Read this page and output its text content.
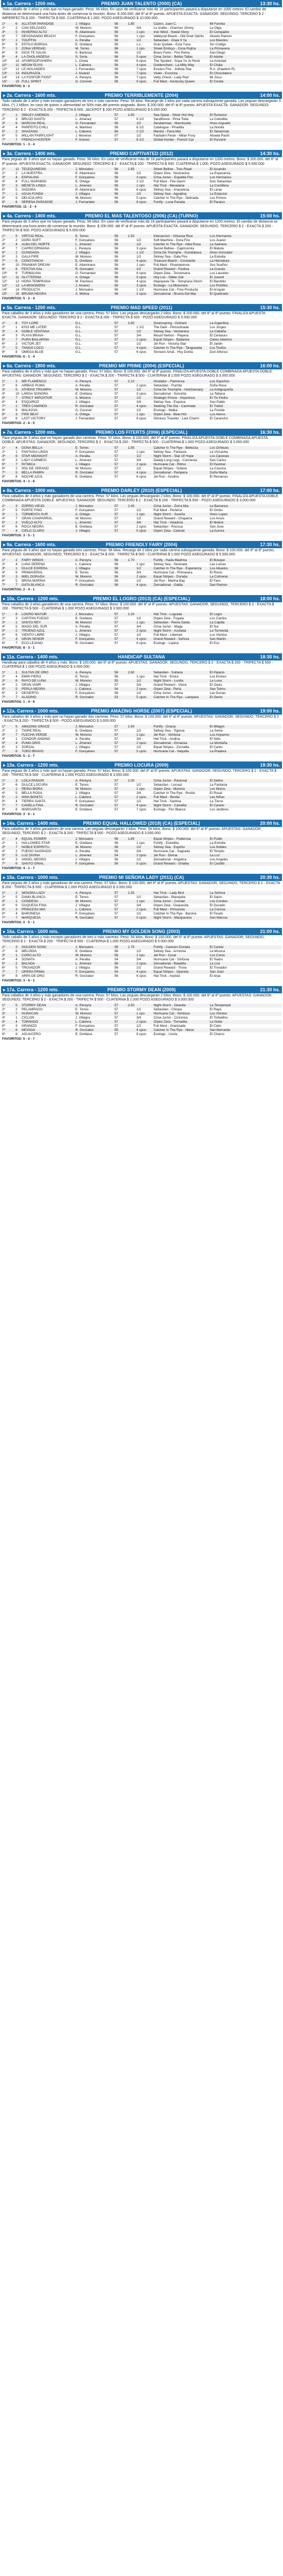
▸ 1a. Carrera - 1200 mts.	PREMIO JUAN TALENTO (2000) (CA)	13:30 hs.
Todo caballo de 3 años y más que no haya ganado. Peso: 56 kilos. En caso de verificarse más de 16 participantes pasará a disputarse en 1000 metros. El cambio de distancia se determinará una hora antes de comenzar la reunión. Bono: $ 200.000. del 6º al 8º puesto. APUESTA EXACTA. GANADOR: SEGUNDO. TERCERO $ 2 - IMPERFECTA $ 200 - TRIFECTA $ 500. CUATERNA $ 1.000. POZO ASEGURADO $ 10.000.000
1º	6	ALLSTAR PARADISE	J. Villagra	56	1.85		Castro, Juan C.	Mi Familia
2º	2	CAN DELGADO	W. Moreno	56		3/4	Lo Izulbo - Charmer Jimmy	La Olga
3º	5	INVIERNO ALTO	R. Altamirano	56		1 cpo	Iron Wind - Sweet Story	El Compadre
4º	7	DEVONANDO BEACH	F. Gonçalves	56		1 cpo	Valleycat Beach - Old Drab Spirits	Abuelo Ramon
5º	1	TOUFFIN	A. Peralta	56		1/2	Sebastian - Draw It Ya	Los Mandos
6º	9	ESTILO BORGIA	E. Orellana	56		s.c.	Gran Quilate - Esta Tuna	Sin Codigo
7º	3	ZONA VERDAD	M. Torres	56		1 cpo	Street Embryo - Zona Rojiza	La Primavera
8º	8	DIOS TE SALVA	K. Barbosa	56		1/2	Bravo Fenix - Fire Reina	San Diego
9º	4	LA CHOLANDESA	S. Soria	56		5 cpos	Cima Jurisn - Bellas Tallas	El Adobe
10º	10	AFABRSOFIAHERA	L. Ozeta	56		6 cpos	The Spoiled - Sopa Ya Jo Resti	La Amistad
11º	11	MEOW ELVIS	L. Cabrera	56		4 cpos	Goldenchaot - La Milly Way	El Chala
12º	12	LE HOLANDÉS	J. Fernandez	56		7 cpos	Exodus Fire - Jullista Star	R.A. (Kiaetem R)
13º	13	INDURAZOL	J. Alvarez	56		7 cpos	Violet - Escorzia	El Chocolatero
14º	14	LA FOSFOR FIONT	A. Pereyra	56		7 cpos	Vetty Check - Lady Red	Mi Jisus
15º	15	FULL SPIRIT	G. Coronel	56		9 cpos	Full Mast - Kentucky Queen	El Conde
FAVORITOS: 6 - 2
▸ 2a. Carrera - 1600 mts.	PREMIO TERRIBLEMENTE (2004)	14:00 hs.
Todo caballo de 3 años y más excepto ganadores de tres o más carreras. Peso: 56 kilos. Recargo de 2 kilos por cada carrera subsiguiente ganada. Las yeguas descargarán 3 kilos. (*) 1 Milion, en caso de quinto o ulterioridad se 50% más del premio asignado. Bono: $ 200.000. del 6º al 8º puesto. APUESTA EXACTA. GANADOR: SEGUNDO: TERCERO $ 2 - EXACTA $ 200 - TRIFECTA $ 500. JACKPOT $ 200 POZO ASEGURADO $ 5.000.000
1º	1	SMILEY ANEMOS	J. Villagra	57	1.90		Sea Spear - Silver Hot Hey	El Ruisenor
2º	3	BRUJO SANTO	L. Jimenez	57		6 1/2	Sandforest - Pinta Toda	La Cebollita
3º	6	MARCHA REAL	G. Fernandez	56		1/2	Sendairman - Marchosita	Hnos Arguello
4º	4	PARFEITO CHILL	A. Martinez	56		6 1/2	Catalogue - Pinadita	La Nonita
5º	2	SHAZANG	L. Cabrera	56		2 1/2	Mantra - Fiera Mel	El Tamarindo
6º	5	MILLAN FAIRFLIGHT	J. Morenor	57		1/2	Fairbairn Fever - Milan Foxy	Abuela Pachi
7º	7	FRENCH HUNTER	F. Gomez	57		8 1/2	Global Hunter - French Car	El Porvenir
FAVORITOS: 1 - 3 - 4
▸ 3a. Carrera - 1400 mts.	PREMIO CAPTIVATED (2012)	14:30 hs.
Para yeguas de 3 años que no hayan ganado. Peso: 56 kilos. En caso de verificarse más de 16 participantes pasará a disputarse en 1200 metros. Bono: $ 200.000. del 6º al 8º puesto. APUESTA EXACTA. GANADOR: SEGUNDO: TERCERO $ 2 - EXACTA $ 200 - TRIFECTA $ 500. CUATERNA $ 1.000. POZO ASEGURADO $ 5.000.000
1º	11	TELEQUINESIS	J. Monsalvo	56	1.65		Street Bellow - Tres Road	El Acuerdo
2º	2	LA NUESTRA	E. Altamirano	56		1/2	Orpen Zeta - Nostracina	La Esperanza
3º	4	ESPIALINA	F. Gonçalves	56		3 cpos	Cima Jurisn - Espalda Fire	Los Hermanos
4º	8	FULL WARNING	E. Ortega	56		2 1/2	Full Mast - Fire Alarm	Don Sebastian
5º	3	MESETA LINDA	L. Jimenez	56		1 cpo	Hat Trick - Mesetaria	La Cordillera
6º	5	SADORA	R. Altamirano	56		6 cpos	Sidney Sea - Anacelena	El Lanar
7º	1	AGUA FUNDA	J. Villagra	56		1/2	Sidney Sea - Aguatina	La Estacion
8º	9	DELICIA ARO	W. Moreno	56		5 cpos	Catcher In The Rye - Delicada	Los Primos
9º	6	SERENA PARADISE	J. Fernandez	56		8 cpos	Fortify - Luna Parada	El Paraiso
FAVORITOS: 11 - 2 - 4
▸ 4a. Carrera - 1400 mts.	PREMIO EL MAS TALENTOSO (2006) (CA) (TURNO)	15:00 hs.
Para yeguas de 3 años que no hayan ganado. Peso: 56 kilos. En caso de verificarse más de 16 participantes pasará a disputarse en 1200 metros. El cambio de distancia se determinará una hora antes de comenzar la reunión. Bono: $ 200.000. del 6º al 8º puesto. APUESTA EXACTA. GANADOR: SEGUNDO. TERCERO $ 2 - EXACTA $ 200 - TRIFECTA $ 500. POZO ASEGURADO $ 5.000.000
1º	5	VIRTUD REAL	E. Torres	56	1.50		Interaccion - Virtuosa Rica	Los Hermanos
2º	2	DORA SOFT	F. Gonçalves	56		1/2	Soft Machine - Dora Fire	Los Juarez
3º	4	ALBA DEL NORTE	L. Jimenez	56		1/2	Catcher In The Rye - Alba Rosa	La Salinera
4º	7	CAPRICORNIANA	L. Pereyra	56		3 cpos	Secret Bellow - Capricornia	El Matute
5º	1	GUINDADA	J. Villagra	56		1 1/2	Cima De Triomphe - Guindalosa	Hnos Gonzalez
6º	3	GALA FIRE	W. Moreno	56		1/2	Sidney Sea - Gala Fire	La Estrella
7º	6	CONSTANCIA	E. Orellana	56		4 cpos	Treasure Beach - Constante	La Herradura
8º	10	PINAMAR DREAM	E. Altamirano	56		1 cpo	Full Mast - Pinamarense	Sus Sueños
9º	8	FESTIVA GAL	R. Gonzalez	56		1/2	Grand Reward - Festiva	La Cuesta
10º	9	TURMALINA	G. Fernandez	56		8 cpos	Orpen Zeta - Ternemana	Los Laureles
11º	11	GLITTERINA	A. Ortega	56		5 cpos	Hoy Lisi - Glitter Gal	El Juvenil
12º	12	HORA TEMPRANA	M. Pacheco	56		4 cpos	Hapoyavie Tie - Temprana Storm	El Bandido
13º	13	LA MISIONERA	J. Alvarez	56		3 cpos	Ecologo - La Misionera	Los Potrillos
14º	14	PRODUCTA	J. Monsalvo	56		1 1/2	Hurricane Cat - Fine Producta	El Arrayan
15º	15	BRUMA NEGRA	A. Molina	56		2 cpos	Zensational - Bruma Del Mar	El Quebrado
FAVORITOS: 5 - 2 - 4
▸ 5a. Carrera - 1200 mts.	PREMIO MAD SPEED (2011)	15:30 hs.
Para caballos de 3 años y más ganadores de una carrera. Peso: 57 kilos. Las yeguas descargarán 2 kilos. Bono: $ 200.000. del 6º al 8º puesto. FINALIZA APUESTA EXACTA. GANADOR: SEGUNDO: TERCERO $ 2 - EXACTA $ 200 - TRIFECTA $ 500 - POZO ASEGURADO $ 5.000.000
1º	6	TOY LORE	G.L.	57	1.80		Greenspring - Gotham	La Argentina
2º	1	KISS ME LATER	G.L.	57		1 1/2	The Dark - Perinclinada	Los Jorges
3º	4	DOBLE VENTANA	G.L.	57		1/2	Sidney Sea - Ventanera	La Cabaña
4º	3	PLAYA BRAVA	G.L.	57		3/4	Mount Nelson - Playera	El Centauro
5º	7	PURA BAILARINA	G.L.	57		2 cpos	Equal Stripes - Bailarina	Cielos Abiertos
6º	2	VICTOR JET	G.L.	57		1/2	Jet Run - Victoria Star	El Jardin
7º	5	TANGO LOCO	G.L.	57		4 cpos	Catcher In The Rye - Tangueada	Los Tordos
8º	8	OMEGA BLUE	G.L.	57		6 cpos	Sinneon Amal - Hoy Dorita	Don Alfonso
FAVORITOS: 6 - 1 - 4
▸ 6a. Carrera - 1800 mts.	PREMIO MR PRIME (2004) (ESPECIAL)	16:00 hs.
Para caballos de 4 años y más que no hayan ganado. Peso: 57 kilos. Bono: $ 100.000. del 6º al 8º puesto. FINALIZA APUESTA DOBLE COMBINADA APUESTA DOBLE. APUESTAS: GANADOR, SEGUNDO, TERCERO $ 2 - EXACTA $ 200 - TRIFECTA $ 500 - CUATERNA $ 1.000 POZO ASEGURADO $ 3.000.000
1º	2	MR FLAMENCO	A. Pereyra	57	2.10		Hostiator - Flamenca	Los Gauchos
2º	6	AIRBAG PUMA	A. Peralta	57		2 cpos	Sebastian - Pumita	Doña Rosa
3º	5	ATHENS TRIUMPH	W. Moreno	57		1/2	Cima De Triomphe - Hotchamany	La Antiguqueña
4º	10	LARGA SONORA	E. Orellana	57		3 cpos	Zensational - Sonorita	La Tatiana
5º	7	STRICT IMPOSTOR	A. Moreno	57		1/2	Strategic Prince - Impostora	El Tio Pedro
6º	4	ESQUIROZ	J. Villagra	57		3/4	Sidney Sea - Esquiva	San Pablo
7º	1	TRES CAMINOS	R. Gonzalez	57		4 cpos	Seeking The Dia - Caminata	El Trebol
8º	9	MALKOVA	G. Coronel	57		1/2	Ecologo - Malka	La Florida
9º	3	FIRE BEAT	A. Ortega	57		1 cpo	Orpen Zeta - Beat Hot	Los Aleros
10º	8	LAST VICTORY	J. Fernandez	57		8 cpos	Glorious Traveler - Last Charm	El Carancho
FAVORITOS: 2 - 6 - 5
▸ 7a. Carrera - 1200 mts.	PREMIO LOS FITERTS (2006) (ESPECIAL)	16:30 hs.
Para yeguas de 3 años que no hayan ganado dos carreras. Peso: 57 kilos. Bono: $ 100.000. del 6º al 8º puesto. FINALIZA APUESTA DOBLE COMBINADA APUESTA DOBLE. APUESTAS: GANADOR, SEGUNDO, TERCERO $ 2 - EXACTA $ 200 - TRIFECTA $ 500 - CUATERNA $ 1.000 POZO ASEGURADO $ 3.000.000
1º	4	DONA BELLA	E. Torres	57	1.95		Catcher In The Rye - Bellezza	Los Ombues
2º	1	FANTASIA LINDA	F. Gonçalves	57		1 cpo	Sidney Sea - Fantasia	La Vizcacha
3º	6	STAR MIDNIGHT	A. Peralta	57		1/2	Night Storm - Star Of Hope	Los Cipreses
4º	3	LADY CARMESI	L. Jimenez	57		3/4	Daddy Long Legs - Carmesia	San Carlos
5º	7	RITMICA	J. Villagra	57		2 cpos	Hurricane Cat - Ritmo	El Pastizal
6º	2	SOL DE VERANO	W. Moreno	57		1/2	Equal Stripes - Solana	La Casona
7º	5	BELLA PAMPA	R. Gonzalez	57		4 cpos	Zensational - Pampera	Doña Marta
8º	8	NOCHE AZUL	E. Orellana	57		6 cpos	Jet Run - Azulina	El Remanso
FAVORITOS: 4 - 1 - 6
▸ 8a. Carrera - 1000 mts.	PREMIO DARLEY (2010) (ESPECIAL)	17:00 hs.
Para caballos de 3 años y más ganadores de una carrera. Peso: 57 kilos. Las yeguas descargarán 2 kilos. Bono: $ 100.000. del 6º al 8º puesto. FINALIZA APUESTA DOBLE COMBINADA APUESTA DOBLE. APUESTAS: GANADOR: SEGUNDO: TERCERO $ 2 - EXACTA $ 200 - TRIFECTA $ 500 - POZO ASEGURADO $ 3.000.000
1º	3	ZORRO VIEJO	J. Monsalvo	57	2.40		Cima Jurisn - Zorra Mia	La Barranca
2º	5	PORTE FINO	F. Gonçalves	57		1/2	Full Mast - Portena	El Ombu
3º	1	TORMENTA SUR	A. Ortega	57		1 cpo	Night Storm - Sureña	Hnos Lopez
4º	7	GRAN CHAPARRAL	W. Moreno	57		1/2	Grand Reward - Chaparra	Los Arces
5º	2	VUELO ALTO	L. Jimenez	57		3/4	Hat Trick - Voladora	El Molino
6º	6	ROCA NEGRA	E. Orellana	57		2 cpos	Sebastian - Rocosa	San Jose
7º	4	CIELO CLARO	J. Villagra	57		5 cpos	Orpen Zeta - Celeste	La Aurora
FAVORITOS: 3 - 5 - 1
▸ 9a. Carrera - 1600 mts.	PREMIO FRIENDLY FAIRY (2004)	17:30 hs.
Para yeguas de 3 años que no hayan ganado tres carreras. Peso: 56 kilos. Recargo de 2 kilos por cada carrera subsiguiente ganada. Bono: $ 100.000. del 6º al 8º puesto. APUESTAS: GANADOR, SEGUNDO, TERCERO $ 2 - EXACTA $ 200 - TRIFECTA $ 500 - CUATERNA $ 1.000 POZO ASEGURADO $ 5.000.000
1º	2	FAIRY WINGS	A. Pereyra	56	1.70		Fortify - Hada Madrina	El Bosque
2º	4	LUNA SERENA	L. Cabrera	56		1 cpo	Sidney Sea - Serenata	Las Lomas
3º	1	DULCE ESPERA	J. Villagra	58		1/2	Catcher In The Rye - Esperanza	Los Abuelos
4º	6	PRIMAVERAL	E. Torres	56		3/4	Hurricane Cat - Primavera	El Rocio
5º	3	MIEL DORADA	W. Moreno	56		2 cpos	Equal Stripes - Dorada	La Colmena
6º	5	BRISA MARINA	F. Gonçalves	58		1/2	Jet Run - Marina Bay	El Faro
7º	7	GATA BLANCA	R. Gonzalez	56		4 cpos	Zensational - Gatita	San Ramon
FAVORITOS: 2 - 4 - 1
▸ 10a. Carrera - 1200 mts.	PREMIO EL LOGRO (2013) (CA) (ESPECIAL)	18:00 hs.
Para caballos de 3 años ganadores de una carrera. Peso: 57 kilos. Bono: $ 100.000. del 6º al 8º puesto. APUESTAS: GANADOR, SEGUNDO, TERCERO $ 2 - EXACTA $ 200 - TRIFECTA $ 500 - CUATERNA $ 1.000 POZO ASEGURADO $ 3.000.000
1º	8	LOGRO MAYOR	J. Monsalvo	57	2.20		Hat Trick - Lograda	El Logro
2º	3	CAPITAN FUEGO	E. Orellana	57		1/2	Orpen Zeta - Fogata	Los Cardos
3º	1	SANTO REY	W. Moreno	57		1 cpo	Sebastian - Reina Santa	La Capilla
4º	5	MAGO DEL SUR	A. Peralta	57		3/4	Cima Jurisn - Maga	El Sur
5º	2	TRUENO AZUL	L. Jimenez	57		2 cpos	Night Storm - Azulada	La Tormenta
6º	6	VIENTO LIBRE	J. Villagra	57		1/2	Full Mast - Libertad	Los Vientos
7º	4	GRAN SEÑOR	F. Gonçalves	57		4 cpos	Grand Reward - Señora	San Martin
8º	7	ECO LEJANO	R. Gonzalez	57		6 cpos	Ecologo - Lejana	El Eco
FAVORITOS: 8 - 3 - 1
▸ 11a. Carrera - 1400 mts.	HANDICAP SULTANA	18:30 hs.
Handicap para caballos de 4 años y más. Bono: $ 100.000. del 6º al 8º puesto. APUESTAS: GANADOR, SEGUNDO, TERCERO $ 2 - EXACTA $ 200 - TRIFECTA $ 500 - CUATERNA $ 1.000 POZO ASEGURADO $ 3.000.000
1º	1	SULTAN DE ORO	A. Pereyra	58	2.60		Sebastian - Sultana	El Palacio
2º	4	EMIR FIERO	E. Torres	56		1 cpo	Hat Trick - Emira	Los Emires
3º	6	RAYO DE LUNA	W. Moreno	55		1/2	Night Storm - Lunita	La Luna
4º	2	GRAN VISIR	J. Villagra	57		3/4	Grand Reward - Visira	El Oasis
5º	5	PERLA NEGRA	L. Cabrera	54		2 cpos	Orpen Zeta - Perla	San Telmo
6º	3	DESIERTO	F. Gonçalves	56		1/2	Cima Jurisn - Arena	Las Dunas
7º	7	ALADINO	R. Gonzalez	53		5 cpos	Catcher In The Rye - Lampara	El Genio
FAVORITOS: 1 - 4 - 6
▸ 12a. Carrera - 1000 mts.	PREMIO AMAZING HORSE (2007) (ESPECIAL)	19:00 hs.
Para caballos de 3 años y más que no hayan ganado dos carreras. Peso: 57 kilos. Bono: $ 100.000. del 6º al 8º puesto. APUESTAS: GANADOR, SEGUNDO, TERCERO $ 2 - EXACTA $ 200 - TRIFECTA $ 500 - POZO ASEGURADO $ 3.000.000
1º	5	AMAZING GRACE	J. Monsalvo	57	1.90		Fortify - Gracia	El Milagro
2º	2	TIGRE REAL	E. Orellana	57		1/2	Sidney Sea - Tigresa	La Selva
3º	7	FLECHA VERDE	W. Moreno	57		1 cpo	Jet Run - Verdosa	Los Arqueros
4º	1	CONDOR ANDINO	A. Peralta	57		3/4	Hat Trick - Andina	El Nido
5º	4	PUMA GRIS	L. Jimenez	57		2 cpos	Zensational - Grisacea	La Montaña
6º	3	ZORZAL	J. Villagra	57		1/2	Equal Stripes - Zorzalita	El Canto
7º	6	TORO BRAVO	F. Gonçalves	57		5 cpos	Hurricane Cat - Vaquilla	La Pradera
FAVORITOS: 5 - 2 - 7
▸ 13a. Carrera - 1200 mts.	PREMIO LOCURA (2009)	19:30 hs.
Para yeguas de 3 años y más que no hayan ganado. Peso: 57 kilos. Bono: $ 100.000. del 6º al 8º puesto. APUESTAS: GANADOR, SEGUNDO, TERCERO $ 2 - EXACTA $ 200 - TRIFECTA $ 500 - CUATERNA $ 1.000 POZO ASEGURADO $ 3.000.000
1º	3	LOCA PASION	A. Pereyra	57	2.00		Cima Jurisn - Pasional	El Delirio
2º	6	DULCE LOCURA	E. Torres	57		1/2	Sebastian - Locuaz	La Fantasia
3º	1	REINA MORA	W. Moreno	57		1 cpo	Orpen Zeta - Morena	Los Moros
4º	5	BELLA ROSA	J. Villagra	57		3/4	Catcher In The Rye - Rosita	El Rosal
5º	2	NIÑA BONITA	L. Cabrera	57		2 cpos	Full Mast - Bonita	Las Niñas
6º	4	TIERRA SANTA	F. Gonçalves	57		1/2	Hat Trick - Santina	La Tierra
7º	7	CANELA FINA	R. Gonzalez	57		4 cpos	Night Storm - Canelita	El Canelo
8º	8	MARGARITA	E. Orellana	57		7 cpos	Ecologo - Flor Blanca	Los Jardines
FAVORITOS: 3 - 6 - 1
▸ 14a. Carrera - 1400 mts.	PREMIO EQUAL HALLOWED (2018) (CA) (ESPECIAL)	20:00 hs.
Para caballos de 3 años ganadores de una carrera. Las yeguas descargarán 2 kilos. Peso: 56 kilos. Bono: $ 100.000. del 6º al 8º puesto. APUESTAS: GANADOR, SEGUNDO, TERCERO $ 2 - EXACTA $ 200 - TRIFECTA $ 500 - POZO ASEGURADO $ 3.000.000
1º	4	EQUAL POWER	J. Monsalvo	56	1.85		Equal Stripes - Poderosa	El Poder
2º	1	HALLOWED STAR	E. Orellana	56		1 cpo	Fortify - Estrellita	La Estrella
3º	7	NOBLE ESPIRITU	W. Moreno	56		1/2	Sidney Sea - Espiritu	Los Nobles
4º	2	FUEGO SAGRADO	A. Peralta	56		3/4	Hurricane Cat - Sagrada	El Templo
5º	5	LUZ DIVINA	L. Jimenez	54		2 cpos	Jet Run - Divina	La Luz
6º	3	ANGEL NEGRO	J. Villagra	56		1/2	Zensational - Angelica	Los Angeles
7º	6	SANTO GRIAL	F. Gonçalves	56		5 cpos	Grand Reward - Grialita	El Castillo
FAVORITOS: 4 - 1 - 7
▸ 15a. Carrera - 1000 mts.	PREMIO MI SEÑORA LADY (2011) (CA)	20:30 hs.
Para yeguas de 3 años y más ganadoras de una carrera. Peso: 57 kilos. Bono: $ 100.000. del 6º al 8º puesto. APUESTAS: GANADOR, SEGUNDO, TERCERO $ 2 - EXACTA $ 200 - TRIFECTA $ 500 - CUATERNA $ 1.000 POZO ASEGURADO $ 3.000.000
1º	2	SEÑORA LADY	A. Pereyra	57	2.30		Hat Trick - Lady Bird	La Señora
2º	5	DAMA BLANCA	E. Torres	57		1/2	Sebastian - Blanquita	El Salon
3º	1	CONDESA	W. Moreno	57		1 cpo	Cima Jurisn - Condal	Los Condes
4º	6	DUQUESA FINA	J. Villagra	57		3/4	Orpen Zeta - Duquesita	El Ducado
5º	3	PRINCESA MIA	L. Cabrera	57		2 cpos	Full Mast - Princesita	La Corona
6º	4	BARONESA	F. Gonçalves	57		1/2	Catcher In The Rye - Barona	El Feudo
7º	7	MARQUESA	R. Gonzalez	57		5 cpos	Night Storm - Marquesina	San Marcos
FAVORITOS: 2 - 5 - 1
▸ 16a. Carrera - 1600 mts.	PREMIO MY GOLDEN SONG (2003)	21:00 hs.
Todo caballo de 3 años y más excepto ganadores de tres o más carreras. Peso: 56 kilos. Bono: $ 100.000. del 6º al 8º puesto. APUESTAS: GANADOR, SEGUNDO, TERCERO $ 2 - EXACTA $ 200 - TRIFECTA $ 500 - CUATERNA $ 1.000 POZO ASEGURADO $ 5.000.000
1º	3	GOLDEN SONG	J. Monsalvo	56	1.75		Fortify - Cancion Dorada	El Cantar
2º	6	MELODIA	E. Orellana	56		1/2	Sidney Sea - Armonia	La Musica
3º	1	CORO ALTO	W. Moreno	56		1 cpo	Jet Run - Coral	Los Coros
4º	4	SONATA	A. Peralta	54		3/4	Hurricane Cat - Sinfonia	El Teatro
5º	2	BALADA	L. Jimenez	56		2 cpos	Zensational - Baladita	La Lira
6º	5	TROVADOR	J. Villagra	56		1/2	Grand Reward - Trova	El Trovador
7º	7	OPERA PRIMA	F. Gonçalves	54		4 cpos	Equal Stripes - Opereta	San Juan
8º	8	ARPA DE ORO	R. Gonzalez	56		6 cpos	Hat Trick - Arpista	El Arpa
FAVORITOS: 3 - 6 - 1
▸ 17a. Carrera - 1200 mts.	PREMIO STORMY DEAN (2009)	21:30 hs.
Para caballos de 3 años y más ganadores de una carrera. Peso: 57 kilos. Las yeguas descargarán 2 kilos. Bono: $ 100.000. del 6º al 8º puesto. APUESTAS: GANADOR, SEGUNDO, TERCERO $ 2 - EXACTA $ 200 - TRIFECTA $ 500 - CUATERNA $ 1.000 POZO ASEGURADO $ 3.000.000
1º	5	STORMY DEAN	A. Pereyra	57	2.50		Night Storm - Deanita	La Tempestad
2º	2	RELAMPAGO	E. Torres	57		1/2	Sebastian - Chispa	El Rayo
3º	7	HURACAN	W. Moreno	57		1 cpo	Hurricane Cat - Ventisca	Los Vientos
4º	1	CICLON	J. Villagra	57		3/4	Cima Jurisn - Ciclonica	El Torbellino
5º	4	TORNADO	L. Cabrera	57		2 cpos	Orpen Zeta - Tornadita	La Nube
6º	3	GRANIZO	F. Gonçalves	57		1/2	Full Mast - Granizada	El Cielo
7º	6	NEVADA	R. Gonzalez	55		4 cpos	Catcher In The Rye - Nieve	San Bernardo
8º	8	AGUACERO	E. Orellana	57		6 cpos	Ecologo - Lluvia	El Charco
FAVORITOS: 5 - 2 - 7
